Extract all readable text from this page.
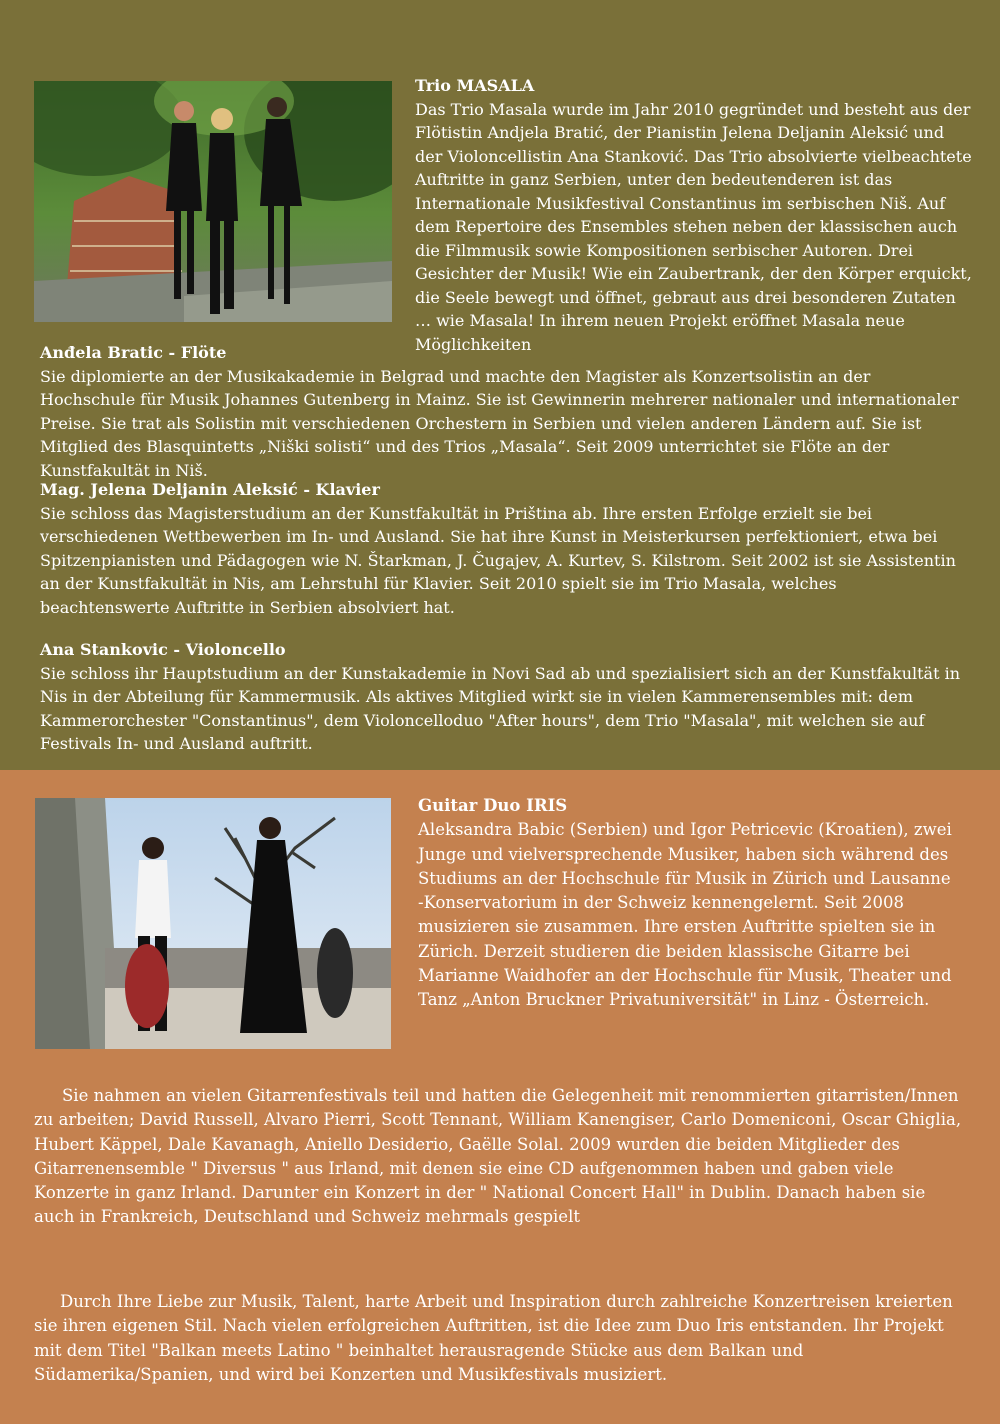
Trio MASALA
Das Trio Masala wurde im Jahr 2010 gegründet und besteht aus der Flötistin Andjela Bratić, der Pianistin Jelena Deljanin Aleksić und der Violoncellistin Ana Stanković. Das Trio absolvierte vielbeachtete Auftritte in ganz Serbien, unter den bedeutenderen ist das Internationale Musikfestival Constantinus im serbischen Niš. Auf dem Repertoire des Ensembles stehen neben der klassischen auch die Filmmusik sowie Kompositionen serbischer Autoren. Drei Gesichter der Musik! Wie ein Zaubertrank, der den Körper erquickt, die Seele bewegt und öffnet, gebraut aus drei besonderen Zutaten … wie Masala! In ihrem neuen Projekt eröffnet Masala neue Möglichkeiten
Anđela Bratic - Flöte
Sie diplomierte an der Musikakademie in Belgrad und machte den Magister als Konzertsolistin an der Hochschule für Musik Johannes Gutenberg in Mainz. Sie ist Gewinnerin mehrerer nationaler und internationaler Preise. Sie trat als Solistin mit verschiedenen Orchestern in Serbien und vielen anderen Ländern auf. Sie ist Mitglied des Blasquintetts „Niški solisti“ und des Trios „Masala“. Seit 2009 unterrichtet sie Flöte an der Kunstfakultät in Niš.
Mag. Jelena Deljanin Aleksić - Klavier
Sie schloss das Magisterstudium an der Kunstfakultät in Priština ab. Ihre ersten Erfolge erzielt sie bei verschiedenen Wettbewerben im In- und Ausland. Sie hat ihre Kunst in Meisterkursen perfektioniert, etwa bei Spitzenpianisten und Pädagogen wie N. Štarkman, J. Čugajev, A. Kurtev, S. Kilstrom. Seit 2002 ist sie Assistentin an der Kunstfakultät in Nis, am Lehrstuhl für Klavier. Seit 2010 spielt sie im Trio Masala, welches beachtenswerte Auftritte in Serbien absolviert hat.
Ana Stankovic - Violoncello
Sie schloss ihr Hauptstudium an der Kunstakademie in Novi Sad ab und spezialisiert sich an der Kunstfakultät in Nis in der Abteilung für Kammermusik. Als aktives Mitglied wirkt sie in vielen Kammerensembles mit: dem Kammerorchester "Constantinus", dem Violoncelloduo "After hours", dem Trio "Masala", mit welchen sie auf Festivals In- und Ausland auftritt.
Guitar Duo IRIS
Aleksandra Babic (Serbien) und Igor Petricevic (Kroatien), zwei Junge und vielversprechende Musiker, haben sich während des Studiums an der Hochschule für Musik in Zürich und Lausanne -Konservatorium in der Schweiz kennengelernt. Seit 2008 musizieren sie zusammen. Ihre ersten Auftritte spielten sie in Zürich. Derzeit studieren die beiden klassische Gitarre bei Marianne Waidhofer an der Hochschule für Musik, Theater und Tanz „Anton Bruckner Privatuniversität" in Linz - Österreich.
Sie nahmen an vielen Gitarrenfestivals teil und hatten die Gelegenheit mit renommierten gitarristen/Innen zu arbeiten; David Russell, Alvaro Pierri, Scott Tennant, William Kanengiser, Carlo Domeniconi, Oscar Ghiglia, Hubert Käppel, Dale Kavanagh, Aniello Desiderio, Gaëlle Solal. 2009 wurden die beiden Mitglieder des Gitarrenensemble " Diversus " aus Irland, mit denen sie eine CD aufgenommen haben und gaben viele Konzerte in ganz Irland. Darunter ein Konzert in der " National Concert Hall" in Dublin. Danach haben sie auch in Frankreich, Deutschland und Schweiz mehrmals gespielt
Durch Ihre Liebe zur Musik, Talent, harte Arbeit und Inspiration durch zahlreiche Konzertreisen kreierten sie ihren eigenen Stil. Nach vielen erfolgreichen Auftritten, ist die Idee zum Duo Iris entstanden. Ihr Projekt mit dem Titel "Balkan meets Latino " beinhaltet herausragende Stücke aus dem Balkan und Südamerika/Spanien, und wird bei Konzerten und Musikfestivals musiziert.
